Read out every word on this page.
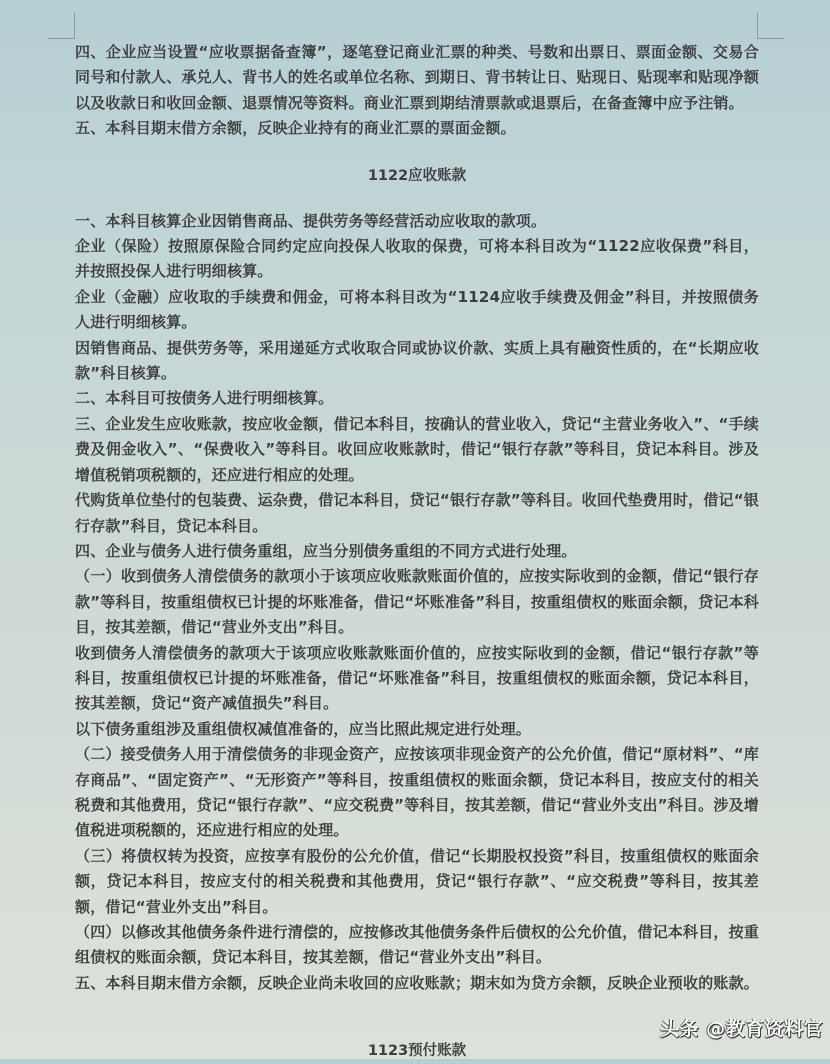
四、企业应当设置“应收票据备查簿”，逐笔登记商业汇票的种类、号数和出票日、票面金额、交易合同号和付款人、承兑人、背书人的姓名或单位名称、到期日、背书转让日、贴现日、贴现率和贴现净额以及收款日和收回金额、退票情况等资料。商业汇票到期结清票款或退票后，在备查簿中应予注销。

五、本科目期末借方余额，反映企业持有的商业汇票的票面金额。

1122应收账款

一、本科目核算企业因销售商品、提供劳务等经营活动应收取的款项。

企业（保险）按照原保险合同约定应向投保人收取的保费，可将本科目改为“1122应收保费”科目，并按照投保人进行明细核算。

企业（金融）应收取的手续费和佣金，可将本科目改为“1124应收手续费及佣金”科目，并按照债务人进行明细核算。

因销售商品、提供劳务等，采用递延方式收取合同或协议价款、实质上具有融资性质的，在“长期应收款”科目核算。

二、本科目可按债务人进行明细核算。

三、企业发生应收账款，按应收金额，借记本科目，按确认的营业收入，贷记“主营业务收入”、“手续费及佣金收入”、“保费收入”等科目。收回应收账款时，借记“银行存款”等科目，贷记本科目。涉及增值税销项税额的，还应进行相应的处理。

代购货单位垫付的包装费、运杂费，借记本科目，贷记“银行存款”等科目。收回代垫费用时，借记“银行存款”科目，贷记本科目。

四、企业与债务人进行债务重组，应当分别债务重组的不同方式进行处理。

（一）收到债务人清偿债务的款项小于该项应收账款账面价值的，应按实际收到的金额，借记“银行存款”等科目，按重组债权已计提的坏账准备，借记“坏账准备”科目，按重组债权的账面余额，贷记本科目，按其差额，借记“营业外支出”科目。

收到债务人清偿债务的款项大于该项应收账款账面价值的，应按实际收到的金额，借记“银行存款”等科目，按重组债权已计提的坏账准备，借记“坏账准备”科目，按重组债权的账面余额，贷记本科目，按其差额，贷记“资产减值损失”科目。

以下债务重组涉及重组债权减值准备的，应当比照此规定进行处理。

（二）接受债务人用于清偿债务的非现金资产，应按该项非现金资产的公允价值，借记“原材料”、“库存商品”、“固定资产”、“无形资产”等科目，按重组债权的账面余额，贷记本科目，按应支付的相关税费和其他费用，贷记“银行存款”、“应交税费”等科目，按其差额，借记“营业外支出”科目。涉及增值税进项税额的，还应进行相应的处理。

（三）将债权转为投资，应按享有股份的公允价值，借记“长期股权投资”科目，按重组债权的账面余额，贷记本科目，按应支付的相关税费和其他费用，贷记“银行存款”、“应交税费”等科目，按其差额，借记“营业外支出”科目。

（四）以修改其他债务条件进行清偿的，应按修改其他债务条件后债权的公允价值，借记本科目，按重组债权的账面余额，贷记本科目，按其差额，借记“营业外支出”科目。

五、本科目期末借方余额，反映企业尚未收回的应收账款；期末如为贷方余额，反映企业预收的账款。

1123预付账款
头条 @教育资料官
